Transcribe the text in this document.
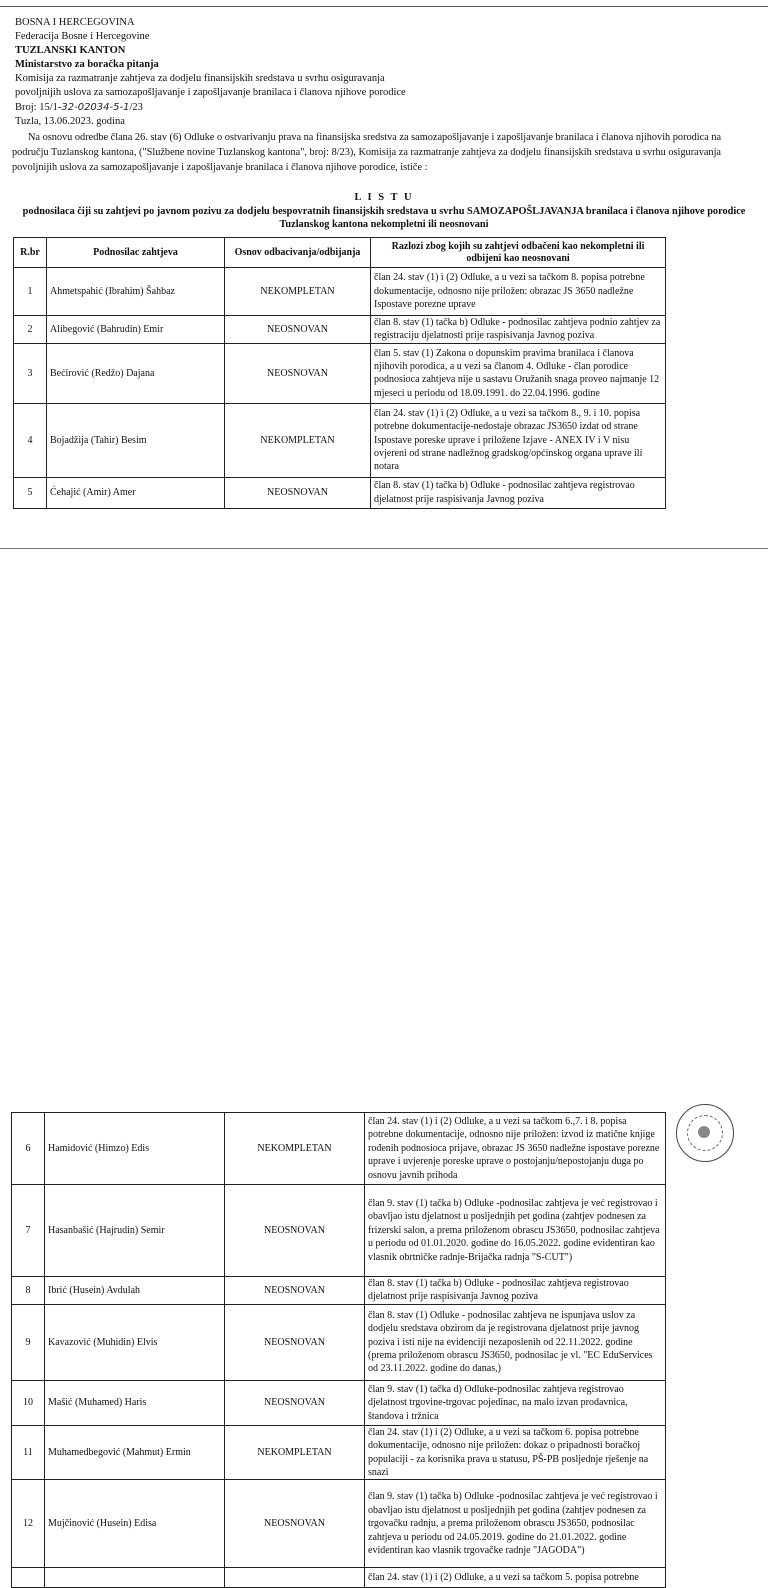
BOSNA I HERCEGOVINA
Federacija Bosne i Hercegovine
TUZLANSKI KANTON
Ministarstvo za boračka pitanja
Komisija za razmatranje zahtjeva za dodjelu finansijskih sredstava u svrhu osiguravanja
povoljnijih uslova za samozapošljavanje i zapošljavanje branilaca i članova njihove porodice
Broj: 15/1-32-02034-5-1/23
Tuzla, 13.06.2023. godina
Na osnovu odredbe člana 26. stav (6) Odluke o ostvarivanju prava na finansijska sredstva za samozapošljavanje i zapošljavanje branilaca i članova njihovih porodica na području Tuzlanskog kantona, ("Službene novine Tuzlanskog kantona", broj: 8/23), Komisija za razmatranje zahtjeva za dodjelu finansijskih sredstava u svrhu osiguravanja povoljnijih uslova za samozapošljavanje i zapošljavanje branilaca i članova njihove porodice, ističe :
L I S T U
podnosilaca čiji su zahtjevi po javnom pozivu za dodjelu bespovratnih finansijskih sredstava u svrhu SAMOZAPOŠLJAVANJA branilaca i članova njihove porodice Tuzlanskog kantona nekompletni ili neosnovani
R.br	Podnosilac zahtjeva	Osnov odbacivanja/odbijanja	Razlozi zbog kojih su zahtjevi odbačeni kao nekompletni ili odbijeni kao neosnovani
1	Ahmetspahić (Ibrahim) Šahbaz	NEKOMPLETAN	član 24. stav (1) i (2) Odluke, a u vezi sa tačkom 8. popisa potrebne dokumentacije, odnosno nije priložen: obrazac JS 3650 nadležne Ispostave porezne uprave
2	Alibegović (Bahrudin) Emir	NEOSNOVAN	član 8. stav (1) tačka b) Odluke - podnosilac zahtjeva podnio zahtjev za registraciju djelatnosti prije raspisivanja Javnog poziva
3	Bećirović (Redžo) Dajana	NEOSNOVAN	član 5. stav (1) Zakona o dopunskim pravima branilaca i članova njihovih porodica, a u vezi sa članom 4. Odluke - član porodice podnosioca zahtjeva nije u sastavu Oružanih snaga proveo najmanje 12 mjeseci u periodu od 18.09.1991. do 22.04.1996. godine
4	Bojadžija (Tahir) Besim	NEKOMPLETAN	član 24. stav (1) i (2) Odluke, a u vezi sa tačkom 8., 9. i 10. popisa potrebne dokumentacije-nedostaje obrazac JS3650 izdat od strane Ispostave poreske uprave i priložene Izjave - ANEX IV i V nisu ovjereni od strane nadležnog gradskog/općinskog organa uprave ili notara
5	Ćehajić (Amir) Amer	NEOSNOVAN	član 8. stav (1) tačka b) Odluke - podnosilac zahtjeva registrovao djelatnost prije raspisivanja Javnog poziva
6	Hamidović (Himzo) Edis	NEKOMPLETAN	član 24. stav (1) i (2) Odluke, a u vezi sa tačkom 6.,7. i 8. popisa potrebne dokumentacije, odnosno nije priložen: izvod iz matične knjige rođenih podnosioca prijave, obrazac JS 3650 nadležne ispostave porezne uprave i uvjerenje poreske uprave o postojanju/nepostojanju duga po osnovu javnih prihoda
7	Hasanbašić (Hajrudin) Semir	NEOSNOVAN	član 9. stav (1) tačka b) Odluke -podnosilac zahtjeva je već registrovao i obavljao istu djelatnost u posljednjih pet godina (zahtjev podnesen za frizerski salon, a prema priloženom obrascu JS3650, podnosilac zahtjeva u periodu od 01.01.2020. godine do 16.05.2022. godine evidentiran kao vlasnik obrtničke radnje-Brijačka radnja "S-CUT")
8	Ibrić (Husein) Avdulah	NEOSNOVAN	član 8. stav (1) tačka b) Odluke - podnosilac zahtjeva registrovao djelatnost prije raspisivanja Javnog poziva
9	Kavazović (Muhidin) Elvis	NEOSNOVAN	član 8. stav (1) Odluke - podnosilac zahtjeva ne ispunjava uslov za dodjelu sredstava obzirom da je registrovana djelatnost prije javnog poziva i isti nije na evidenciji nezaposlenih od 22.11.2022. godine (prema priloženom obrascu JS3650, podnosilac je vl. "EC EduServices od 23.11.2022. godine do danas,)
10	Mašić (Muhamed) Haris	NEOSNOVAN	član 9. stav (1) tačka d) Odluke-podnosilac zahtjeva registrovao djelatnost trgovine-trgovac pojedinac, na malo izvan prodavnica, štandova i tržnica
11	Muhamedbegović (Mahmut) Ermin	NEKOMPLETAN	član 24. stav (1) i (2) Odluke, a u vezi sa tačkom 6. popisa potrebne dokumentacije, odnosno nije priložen: dokaz o pripadnosti boračkoj populaciji - za korisnika prava u statusu, PŠ-PB posljednje rješenje na snazi
12	Mujčinović (Husein) Edisa	NEOSNOVAN	član 9. stav (1) tačka b) Odluke -podnosilac zahtjeva je već registrovao i obavljao istu djelatnost u posljednjih pet godina (zahtjev podnesen za trgovačku radnju, a prema priloženom obrascu JS3650, podnosilac zahtjeva u periodu od 24.05.2019. godine do 21.01.2022. godine evidentiran kao vlasnik trgovačke radnje "JAGODA")
			član 24. stav (1) i (2) Odluke, a u vezi sa tačkom 5. popisa potrebne
